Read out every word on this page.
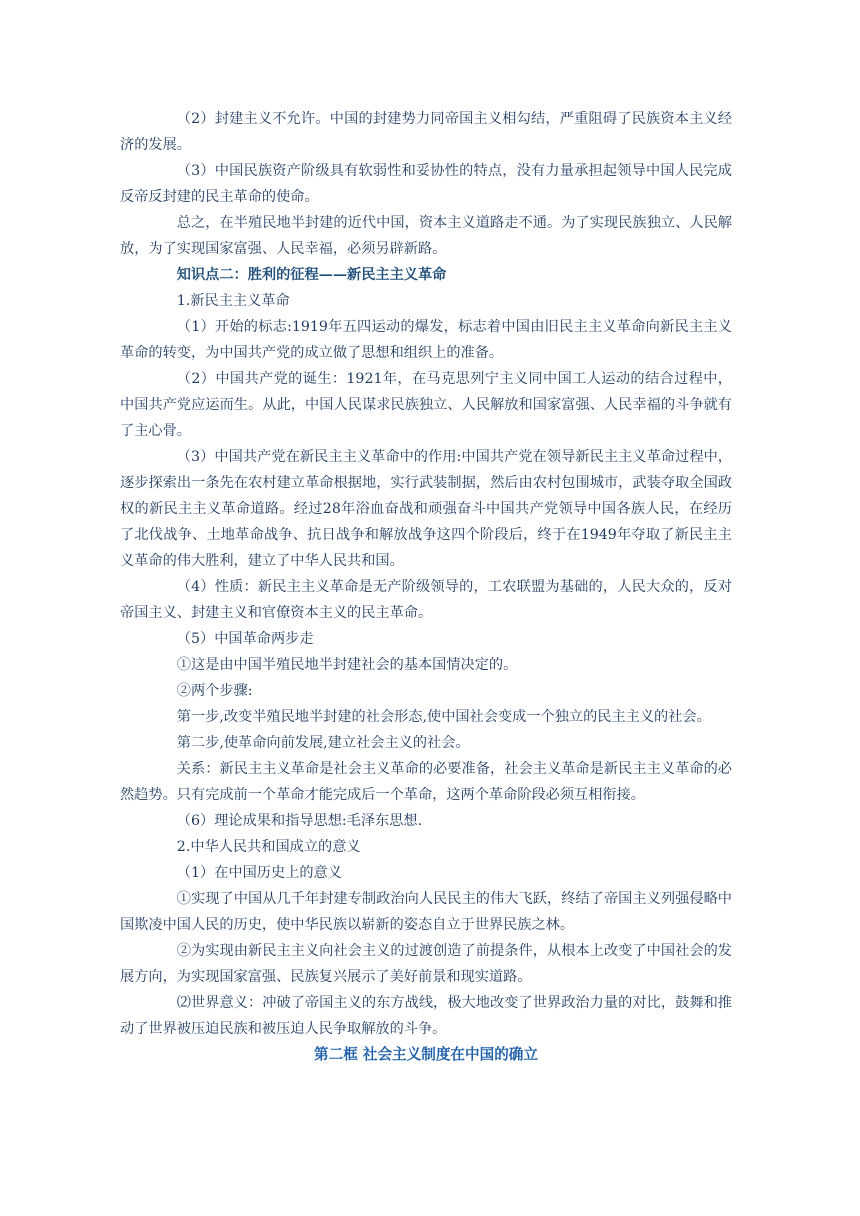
（2）封建主义不允许。中国的封建势力同帝国主义相勾结，严重阻碍了民族资本主义经济的发展。

（3）中国民族资产阶级具有软弱性和妥协性的特点，没有力量承担起领导中国人民完成反帝反封建的民主革命的使命。

总之，在半殖民地半封建的近代中国，资本主义道路走不通。为了实现民族独立、人民解放，为了实现国家富强、人民幸福，必须另辟新路。

知识点二：胜利的征程——新民主主义革命

1.新民主主义革命

（1）开始的标志:1919年五四运动的爆发，标志着中国由旧民主主义革命向新民主主义革命的转变，为中国共产党的成立做了思想和组织上的准备。

（2）中国共产党的诞生：1921年，在马克思列宁主义同中国工人运动的结合过程中，中国共产党应运而生。从此，中国人民谋求民族独立、人民解放和国家富强、人民幸福的斗争就有了主心骨。

（3）中国共产党在新民主主义革命中的作用:中国共产党在领导新民主主义革命过程中，逐步探索出一条先在农村建立革命根据地，实行武装制据，然后由农村包围城市，武装夺取全国政权的新民主主义革命道路。经过28年浴血奋战和顽强奋斗中国共产党领导中国各族人民，在经历了北伐战争、土地革命战争、抗日战争和解放战争这四个阶段后，终于在1949年夺取了新民主主义革命的伟大胜利，建立了中华人民共和国。

（4）性质：新民主主义革命是无产阶级领导的，工农联盟为基础的，人民大众的，反对帝国主义、封建主义和官僚资本主义的民主革命。

（5）中国革命两步走

①这是由中国半殖民地半封建社会的基本国情决定的。

②两个步骤:

第一步,改变半殖民地半封建的社会形态,使中国社会变成一个独立的民主主义的社会。

第二步,使革命向前发展,建立社会主义的社会。

关系：新民主主义革命是社会主义革命的必要准备，社会主义革命是新民主主义革命的必然趋势。只有完成前一个革命才能完成后一个革命，这两个革命阶段必须互相衔接。

（6）理论成果和指导思想:毛泽东思想.

2.中华人民共和国成立的意义

（1）在中国历史上的意义

①实现了中国从几千年封建专制政治向人民民主的伟大飞跃，终结了帝国主义列强侵略中国欺凌中国人民的历史，使中华民族以崭新的姿态自立于世界民族之林。

②为实现由新民主主义向社会主义的过渡创造了前提条件，从根本上改变了中国社会的发展方向，为实现国家富强、民族复兴展示了美好前景和现实道路。

⑵世界意义：冲破了帝国主义的东方战线，极大地改变了世界政治力量的对比，鼓舞和推动了世界被压迫民族和被压迫人民争取解放的斗争。

第二框 社会主义制度在中国的确立
